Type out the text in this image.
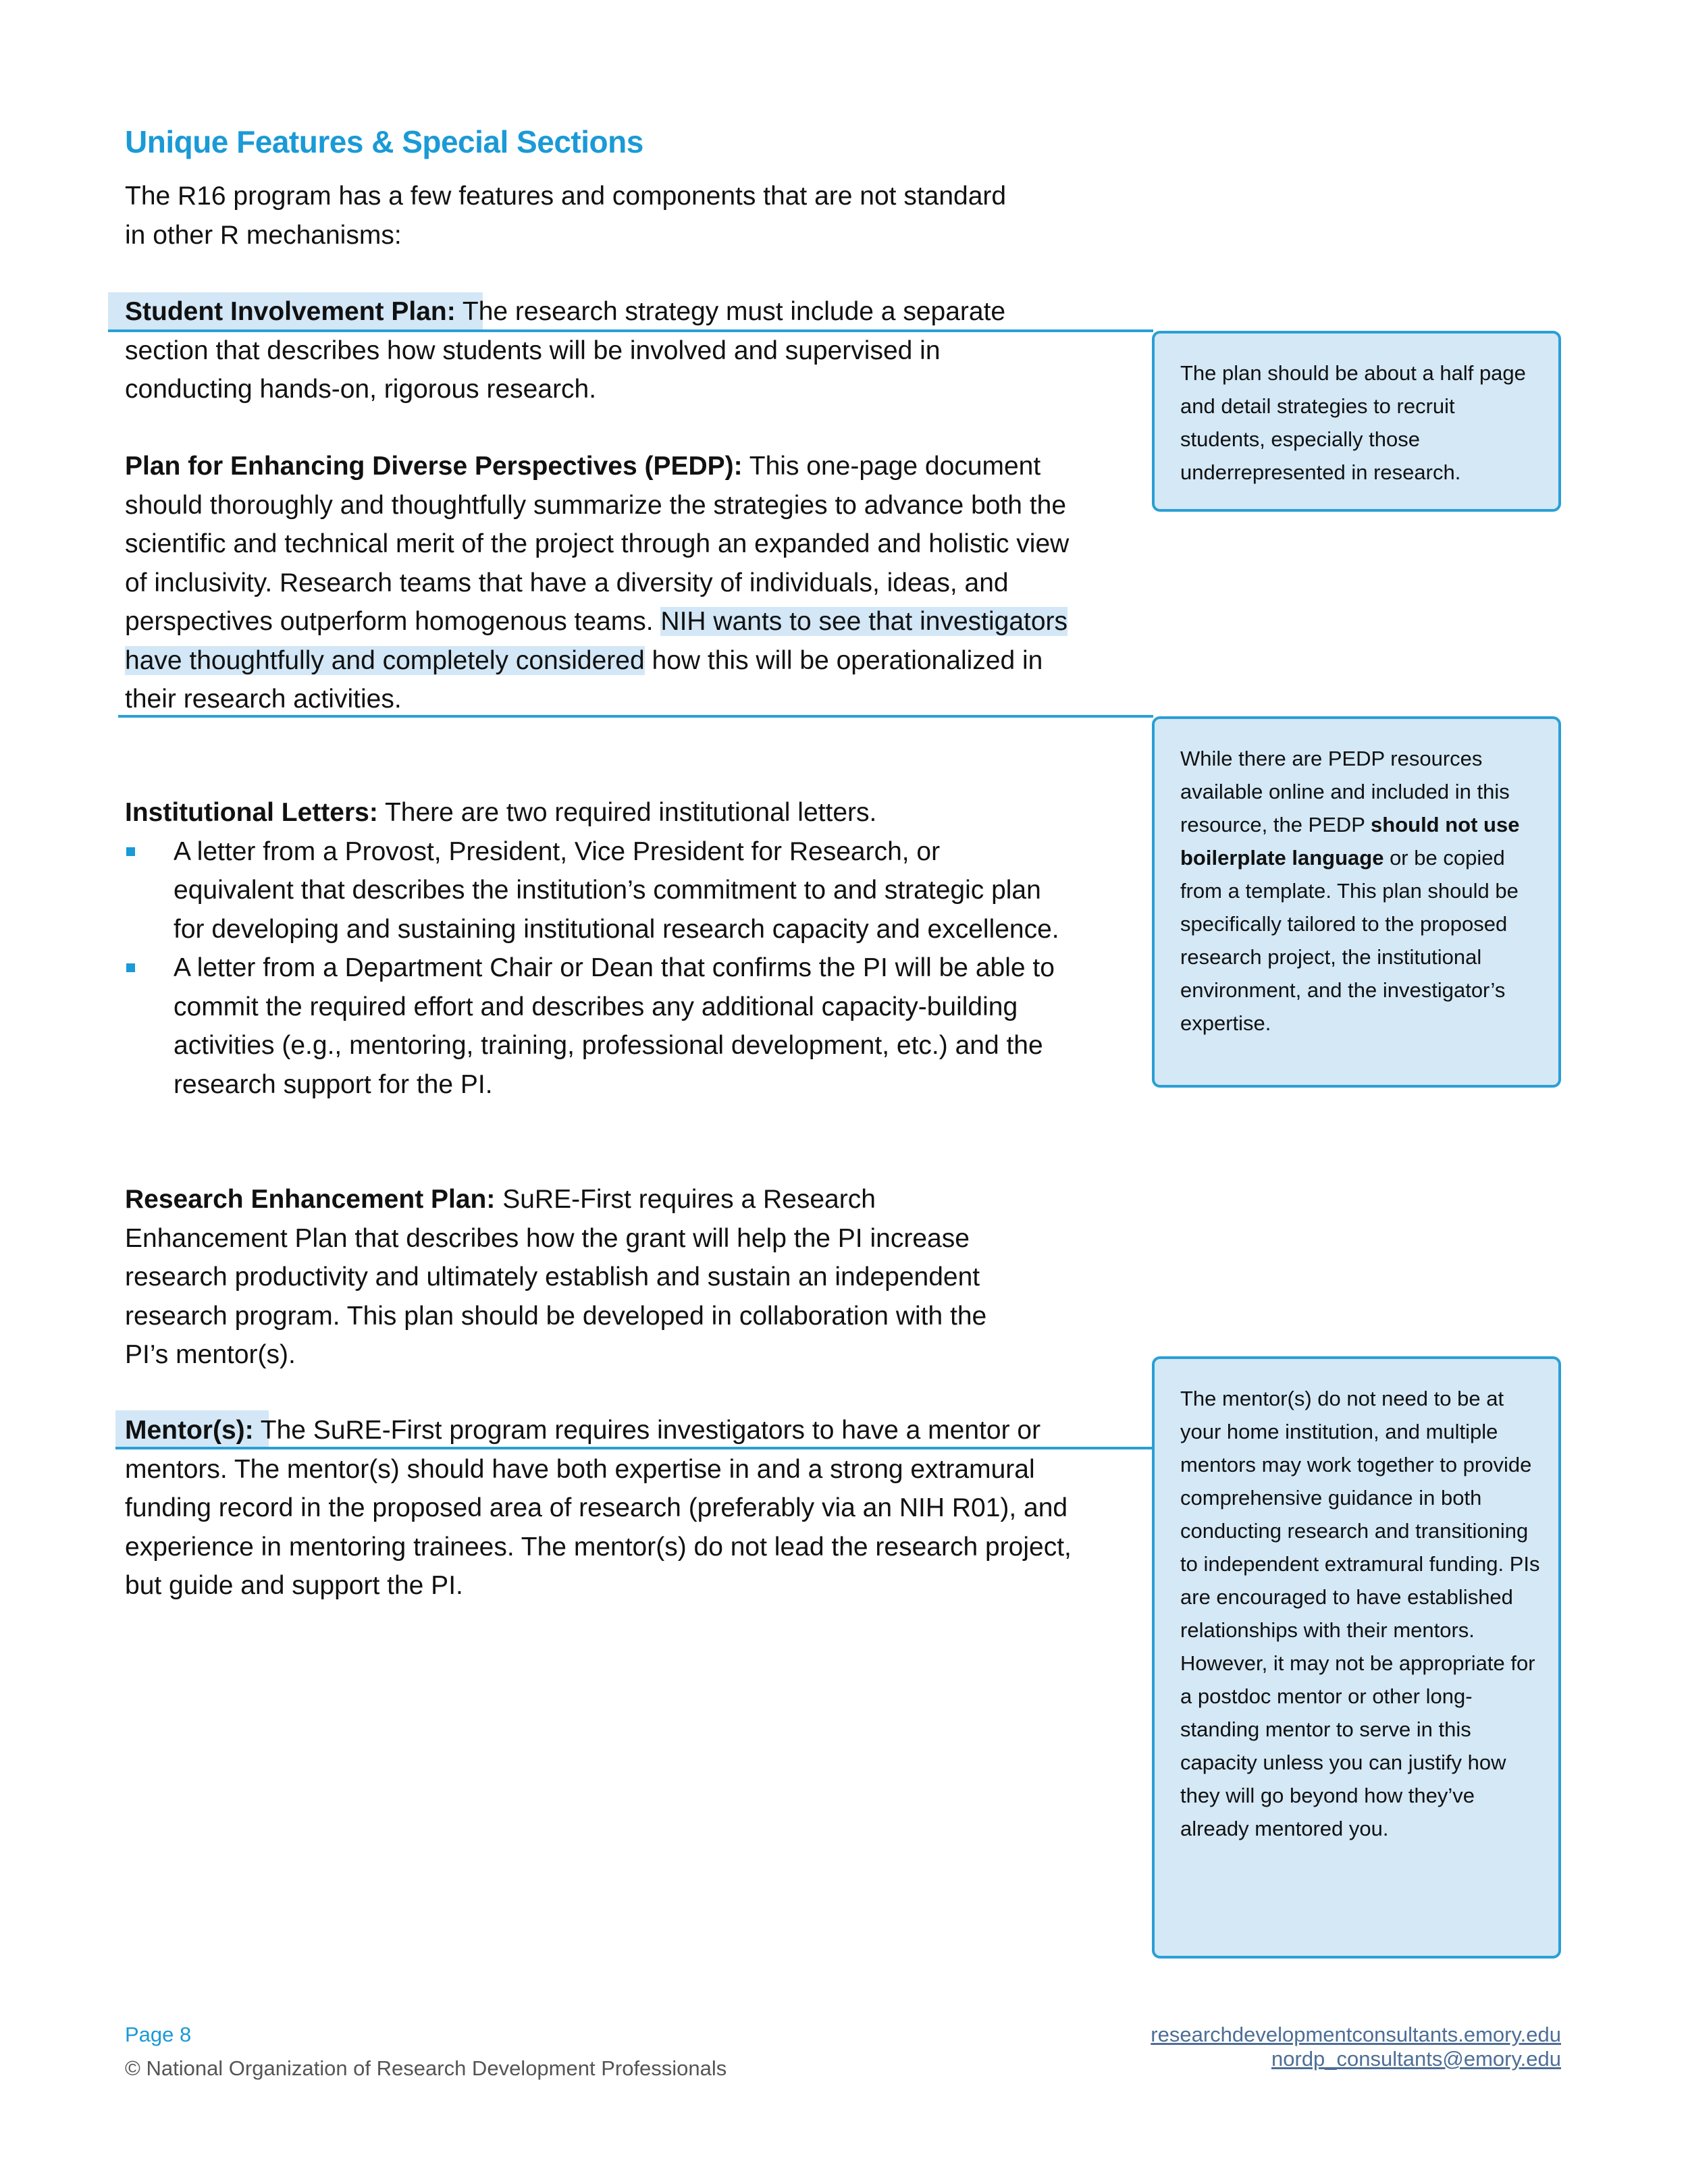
Unique Features & Special Sections

The R16 program has a few features and components that are not standard in other R mechanisms:

Student Involvement Plan: The research strategy must include a separate section that describes how students will be involved and supervised in conducting hands-on, rigorous research.

Plan for Enhancing Diverse Perspectives (PEDP): This one-page document should thoroughly and thoughtfully summarize the strategies to advance both the scientific and technical merit of the project through an expanded and holistic view of inclusivity. Research teams that have a diversity of individuals, ideas, and perspectives outperform homogenous teams. NIH wants to see that investigators have thoughtfully and completely considered how this will be operationalized in their research activities.

Institutional Letters: There are two required institutional letters.
A letter from a Provost, President, Vice President for Research, or equivalent that describes the institution’s commitment to and strategic plan for developing and sustaining institutional research capacity and excellence.
A letter from a Department Chair or Dean that confirms the PI will be able to commit the required effort and describes any additional capacity-building activities (e.g., mentoring, training, professional development, etc.) and the research support for the PI.

Research Enhancement Plan: SuRE-First requires a Research Enhancement Plan that describes how the grant will help the PI increase research productivity and ultimately establish and sustain an independent research program. This plan should be developed in collaboration with the PI’s mentor(s).

Mentor(s): The SuRE-First program requires investigators to have a mentor or mentors. The mentor(s) should have both expertise in and a strong extramural funding record in the proposed area of research (preferably via an NIH R01), and experience in mentoring trainees. The mentor(s) do not lead the research project, but guide and support the PI.

The plan should be about a half page and detail strategies to recruit students, especially those underrepresented in research.
While there are PEDP resources available online and included in this resource, the PEDP should not use boilerplate language or be copied from a template. This plan should be specifically tailored to the proposed research project, the institutional environment, and the investigator’s expertise.
The mentor(s) do not need to be at your home institution, and multiple mentors may work together to provide comprehensive guidance in both conducting research and transitioning to independent extramural funding. PIs are encouraged to have established relationships with their mentors. However, it may not be appropriate for a postdoc mentor or other long-standing mentor to serve in this capacity unless you can justify how they will go beyond how they’ve already mentored you.
Page 8
© National Organization of Research Development Professionals
researchdevelopmentconsultants.emory.edu
nordp_consultants@emory.edu
